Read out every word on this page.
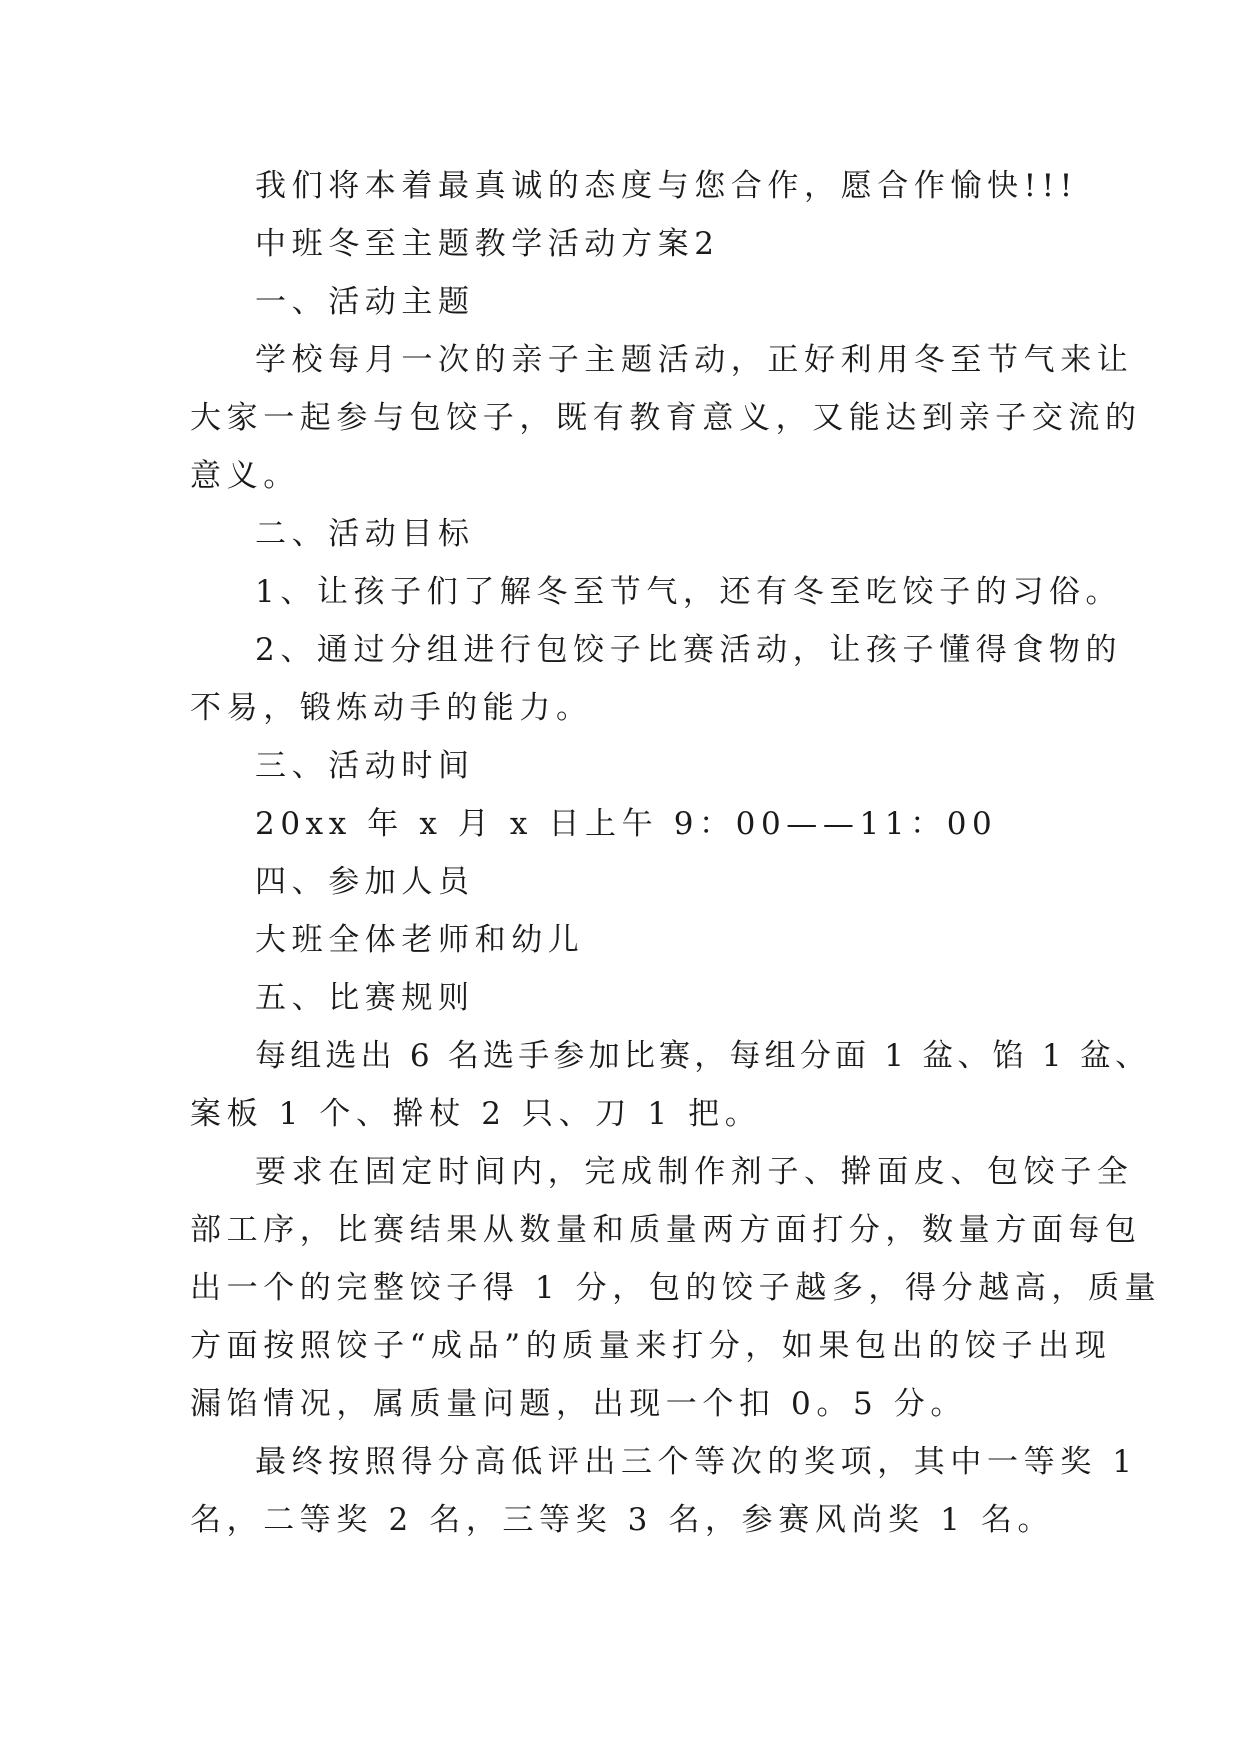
我们将本着最真诚的态度与您合作，愿合作愉快!!!
中班冬至主题教学活动方案2
一、活动主题
学校每月一次的亲子主题活动，正好利用冬至节气来让
大家一起参与包饺子，既有教育意义，又能达到亲子交流的
意义。
二、活动目标
1、让孩子们了解冬至节气，还有冬至吃饺子的习俗。
2、通过分组进行包饺子比赛活动，让孩子懂得食物的
不易，锻炼动手的能力。
三、活动时间
20xx 年 x 月 x 日上午 9：00——11：00
四、参加人员
大班全体老师和幼儿
五、比赛规则
每组选出 6 名选手参加比赛，每组分面 1 盆、馅 1 盆、
案板 1 个、擀杖 2 只、刀 1 把。
要求在固定时间内，完成制作剂子、擀面皮、包饺子全
部工序，比赛结果从数量和质量两方面打分，数量方面每包
出一个的完整饺子得 1 分，包的饺子越多，得分越高，质量
方面按照饺子“成品”的质量来打分，如果包出的饺子出现
漏馅情况，属质量问题，出现一个扣 0。5 分。
最终按照得分高低评出三个等次的奖项，其中一等奖 1
名，二等奖 2 名，三等奖 3 名，参赛风尚奖 1 名。
